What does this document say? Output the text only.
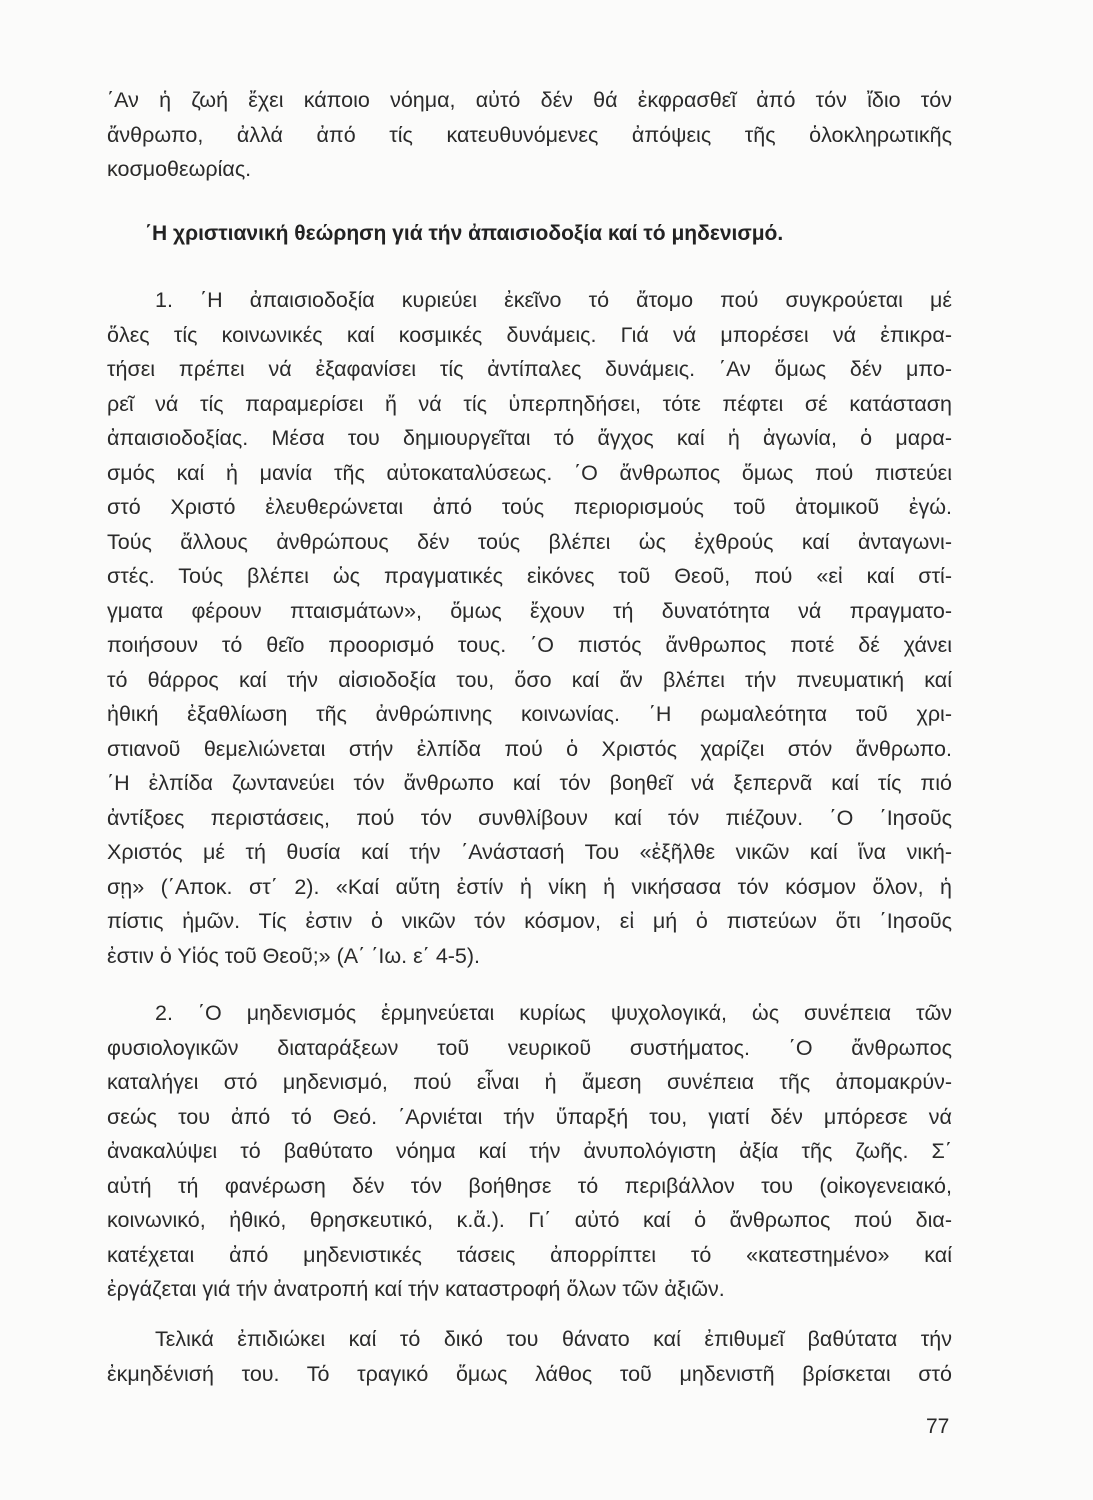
΄Αν ἡ ζωή ἔχει κάποιο νόημα, αὐτό δέν θά ἐκφρασθεῖ ἀπό τόν ἴδιο τόν
ἄνθρωπο, ἀλλά ἀπό τίς κατευθυνόμενες ἀπόψεις τῆς ὁλοκληρωτικῆς
κοσμοθεωρίας.
΄Η χριστιανική θεώρηση γιά τήν ἀπαισιοδοξία καί τό μηδενισμό.
1. ΄Η ἀπαισιοδοξία κυριεύει ἐκεῖνο τό ἄτομο πού συγκρούεται μέ
ὅλες τίς κοινωνικές καί κοσμικές δυνάμεις. Γιά νά μπορέσει νά ἐπικρα-
τήσει πρέπει νά ἐξαφανίσει τίς ἀντίπαλες δυνάμεις. ΄Αν ὅμως δέν μπο-
ρεῖ νά τίς παραμερίσει ἤ νά τίς ὑπερπηδήσει, τότε πέφτει σέ κατάσταση
ἀπαισιοδοξίας. Μέσα του δημιουργεῖται τό ἄγχος καί ἡ ἀγωνία, ὁ μαρα-
σμός καί ἡ μανία τῆς αὐτοκαταλύσεως. ΄Ο ἄνθρωπος ὅμως πού πιστεύει
στό Χριστό ἐλευθερώνεται ἀπό τούς περιορισμούς τοῦ ἀτομικοῦ ἐγώ.
Τούς ἄλλους ἀνθρώπους δέν τούς βλέπει ὡς ἐχθρούς καί ἀνταγωνι-
στές. Τούς βλέπει ὡς πραγματικές εἰκόνες τοῦ Θεοῦ, πού «εἰ καί στί-
γματα φέρουν πταισμάτων», ὅμως ἔχουν τή δυνατότητα νά πραγματο-
ποιήσουν τό θεῖο προορισμό τους. ΄Ο πιστός ἄνθρωπος ποτέ δέ χάνει
τό θάρρος καί τήν αἰσιοδοξία του, ὅσο καί ἄν βλέπει τήν πνευματική καί
ἠθική ἐξαθλίωση τῆς ἀνθρώπινης κοινωνίας. ΄Η ρωμαλεότητα τοῦ χρι-
στιανοῦ θεμελιώνεται στήν ἐλπίδα πού ὁ Χριστός χαρίζει στόν ἄνθρωπο.
΄Η ἐλπίδα ζωντανεύει τόν ἄνθρωπο καί τόν βοηθεῖ νά ξεπερνᾶ καί τίς πιό
ἀντίξοες περιστάσεις, πού τόν συνθλίβουν καί τόν πιέζουν. ΄Ο ΄Ιησοῦς
Χριστός μέ τή θυσία καί τήν ΄Ανάστασή Του «ἐξῆλθε νικῶν καί ἵνα νική-
σῃ» (΄Αποκ. στ΄ 2). «Καί αὕτη ἐστίν ἡ νίκη ἡ νικήσασα τόν κόσμον ὅλον, ἡ
πίστις ἡμῶν. Τίς ἐστιν ὁ νικῶν τόν κόσμον, εἰ μή ὁ πιστεύων ὅτι ΄Ιησοῦς
ἐστιν ὁ Υἱός τοῦ Θεοῦ;» (Α΄ ΄Ιω. ε΄ 4-5).
2. ΄Ο μηδενισμός ἑρμηνεύεται κυρίως ψυχολογικά, ὡς συνέπεια τῶν
φυσιολογικῶν διαταράξεων τοῦ νευρικοῦ συστήματος. ΄Ο ἄνθρωπος
καταλήγει στό μηδενισμό, πού εἶναι ἡ ἄμεση συνέπεια τῆς ἀπομακρύν-
σεώς του ἀπό τό Θεό. ΄Αρνιέται τήν ὕπαρξή του, γιατί δέν μπόρεσε νά
ἀνακαλύψει τό βαθύτατο νόημα καί τήν ἀνυπολόγιστη ἀξία τῆς ζωῆς. Σ΄
αὐτή τή φανέρωση δέν τόν βοήθησε τό περιβάλλον του (οἰκογενειακό,
κοινωνικό, ἠθικό, θρησκευτικό, κ.ἄ.). Γι΄ αὐτό καί ὁ ἄνθρωπος πού δια-
κατέχεται ἀπό μηδενιστικές τάσεις ἀπορρίπτει τό «κατεστημένο» καί
ἐργάζεται γιά τήν ἀνατροπή καί τήν καταστροφή ὅλων τῶν ἀξιῶν.
Τελικά ἐπιδιώκει καί τό δικό του θάνατο καί ἐπιθυμεῖ βαθύτατα τήν
ἐκμηδένισή του. Τό τραγικό ὅμως λάθος τοῦ μηδενιστῆ βρίσκεται στό
77
